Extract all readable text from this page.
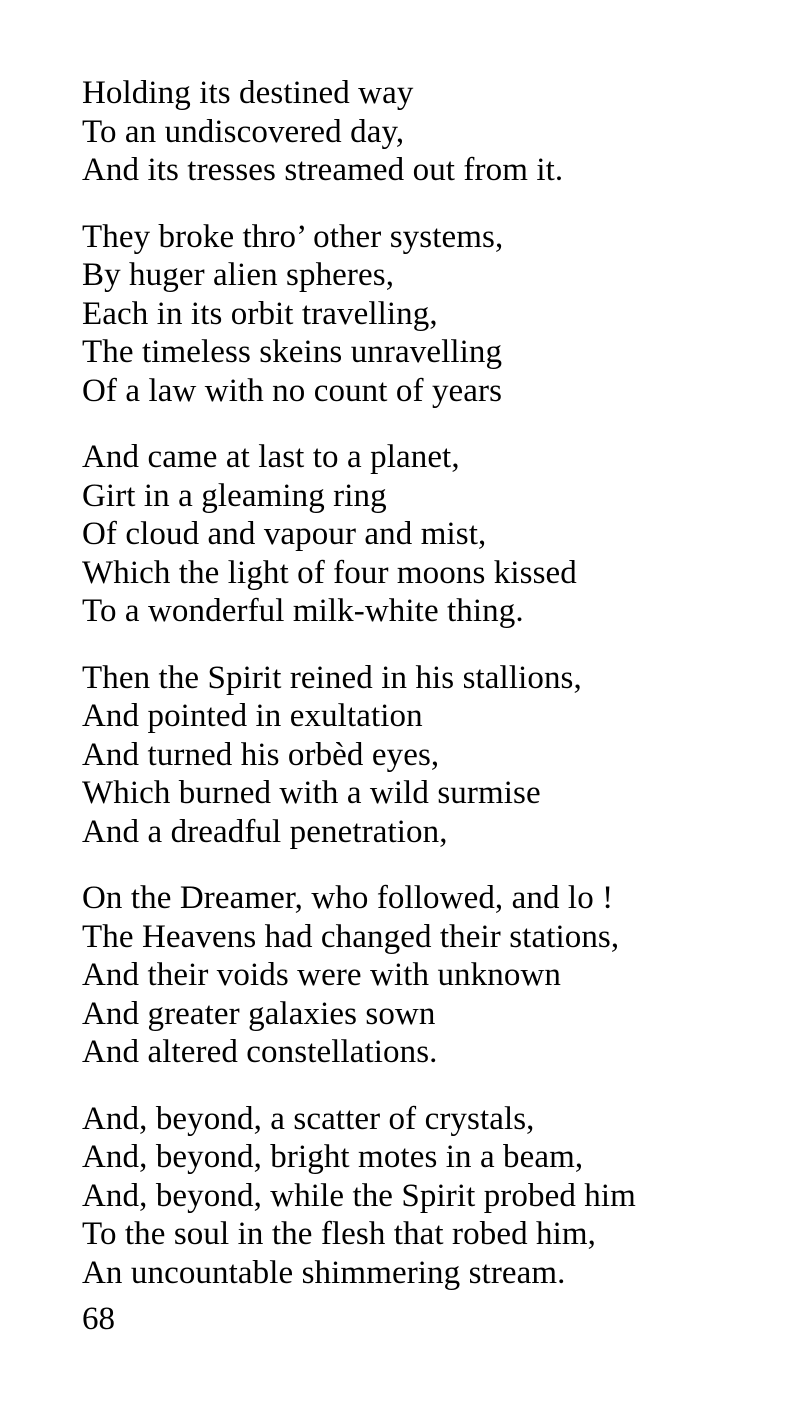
Holding its destined way
To an undiscovered day,
And its tresses streamed out from it.
They broke thro’ other systems,
By huger alien spheres,
Each in its orbit travelling,
The timeless skeins unravelling
Of a law with no count of years
And came at last to a planet,
Girt in a gleaming ring
Of cloud and vapour and mist,
Which the light of four moons kissed
To a wonderful milk-white thing.
Then the Spirit reined in his stallions,
And pointed in exultation
And turned his orbèd eyes,
Which burned with a wild surmise
And a dreadful penetration,
On the Dreamer, who followed, and lo !
The Heavens had changed their stations,
And their voids were with unknown
And greater galaxies sown
And altered constellations.
And, beyond, a scatter of crystals,
And, beyond, bright motes in a beam,
And, beyond, while the Spirit probed him
To the soul in the flesh that robed him,
An uncountable shimmering stream.
68
